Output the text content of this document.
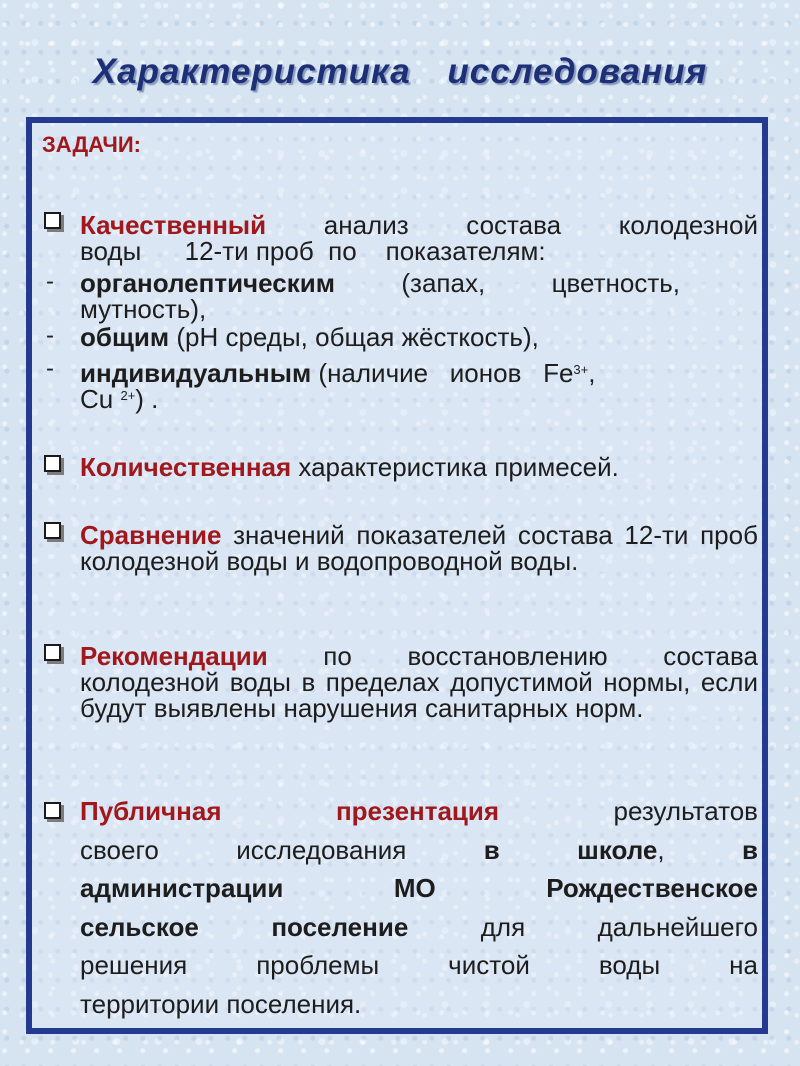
Характеристика исследования

ЗАДАЧИ:

Качественный анализ состава колодезной
воды      12-ти проб  по    показателям:
- органолептическим (запах, цветность, мутность),
- общим (pH среды, общая жёсткость),
- индивидуальным (наличие   ионов   $Fe^{3+}$,
Cu $^{2+}$) .
Количественная характеристика примесей.
Сравнение значений показателей состава 12-ти проб колодезной воды и водопроводной воды.
Рекомендации по восстановлению состава колодезной воды в пределах допустимой нормы, если будут выявлены нарушения санитарных норм.
Публичная	презентация	результатов
своего исследования	в школе,	в
администрации МО Рождественское
сельское поселение для дальнейшего
решения проблемы чистой воды на
территории поселения.
